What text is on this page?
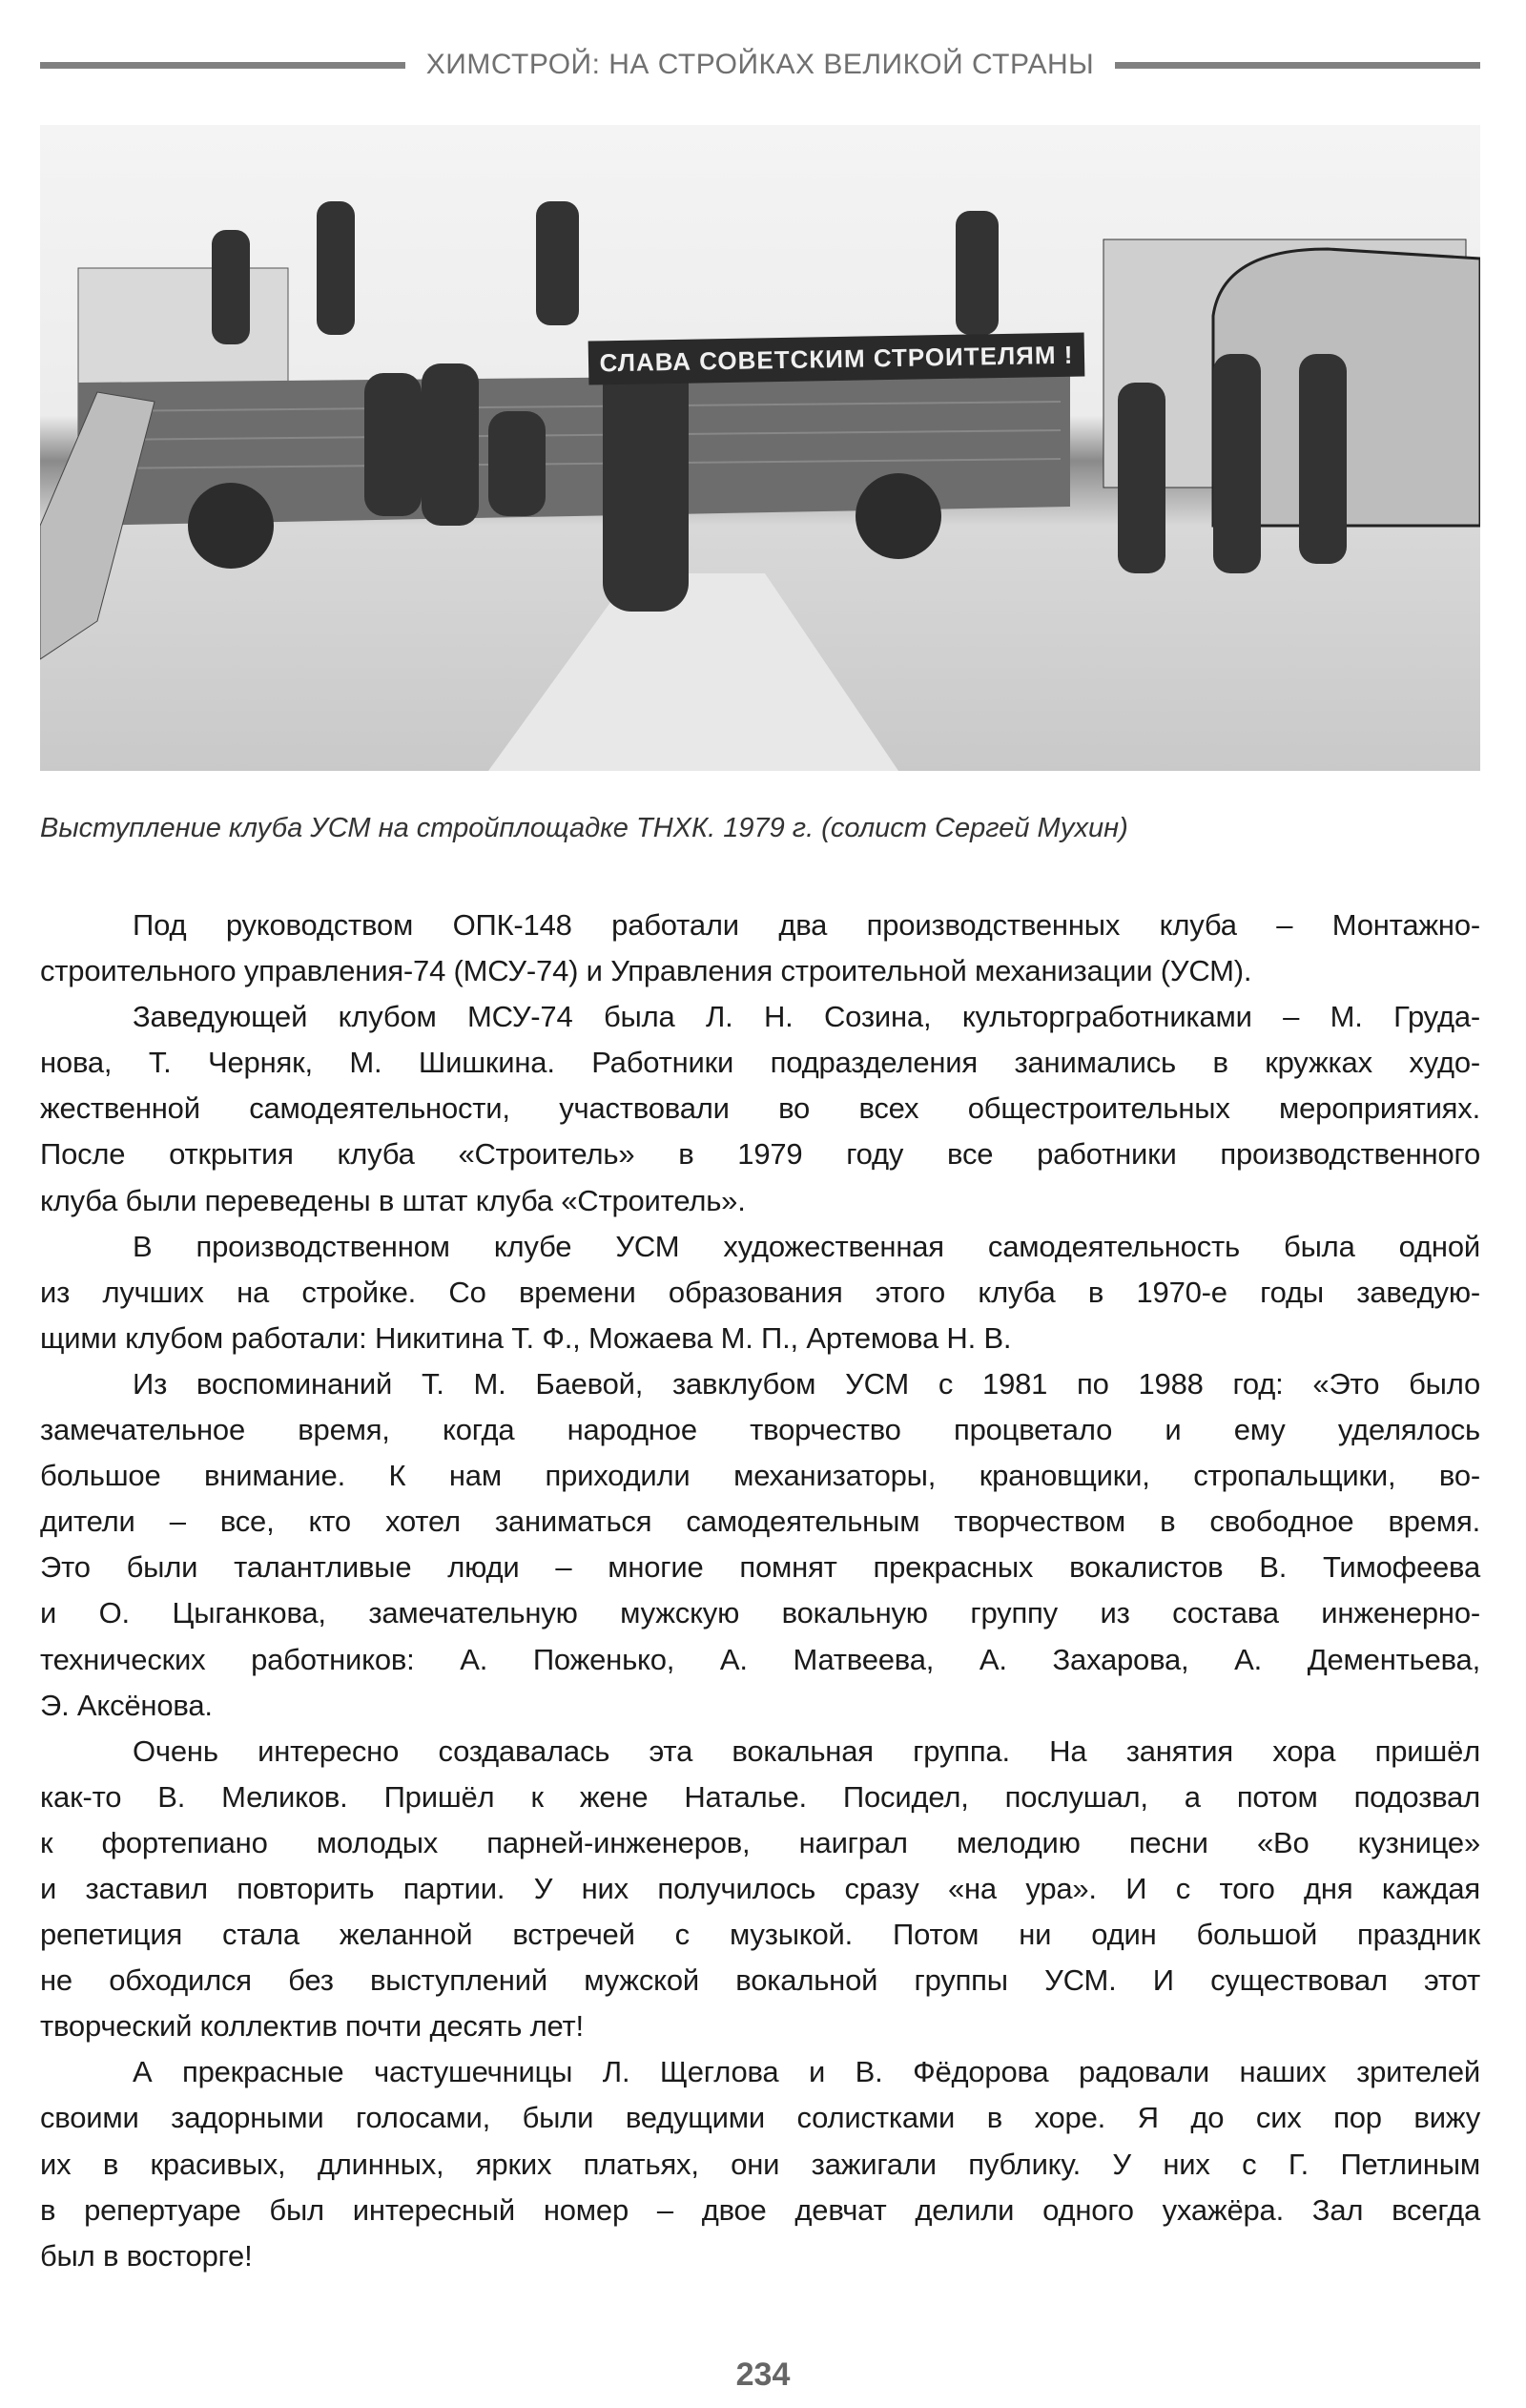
ХИМСТРОЙ: НА СТРОЙКАХ ВЕЛИКОЙ СТРАНЫ
СЛАВА СОВЕТСКИМ СТРОИТЕЛЯМ !
Выступление клуба УСМ на стройплощадке ТНХК. 1979 г. (солист Сергей Мухин)
Под руководством ОПК-148 работали два производственных клуба – Монтажно-
строительного управления-74 (МСУ-74) и Управления строительной механизации (УСМ).
Заведующей клубом МСУ-74 была Л. Н. Созина, культоргработниками – М. Груда-
нова, Т. Черняк, М. Шишкина. Работники подразделения занимались в кружках худо-
жественной самодеятельности, участвовали во всех общестроительных мероприятиях.
После открытия клуба «Строитель» в 1979 году все работники производственного
клуба были переведены в штат клуба «Строитель».
В производственном клубе УСМ художественная самодеятельность была одной
из лучших на стройке. Со времени образования этого клуба в 1970-е годы заведую-
щими клубом работали: Никитина Т. Ф., Можаева М. П., Артемова Н. В.
Из воспоминаний Т. М. Баевой, завклубом УСМ с 1981 по 1988 год: «Это было
замечательное время, когда народное творчество процветало и ему уделялось
большое внимание. К нам приходили механизаторы, крановщики, стропальщики, во-
дители – все, кто хотел заниматься самодеятельным творчеством в свободное время.
Это были талантливые люди – многие помнят прекрасных вокалистов В. Тимофеева
и О. Цыганкова, замечательную мужскую вокальную группу из состава инженерно-
технических работников: А. Поженько, А. Матвеева, А. Захарова, А. Дементьева,
Э. Аксёнова.
Очень интересно создавалась эта вокальная группа. На занятия хора пришёл
как-то В. Меликов. Пришёл к жене Наталье. Посидел, послушал, а потом подозвал
к фортепиано молодых парней-инженеров, наиграл мелодию песни «Во кузнице»
и заставил повторить партии. У них получилось сразу «на ура». И с того дня каждая
репетиция стала желанной встречей с музыкой. Потом ни один большой праздник
не обходился без выступлений мужской вокальной группы УСМ. И существовал этот
творческий коллектив почти десять лет!
А прекрасные частушечницы Л. Щеглова и В. Фёдорова радовали наших зрителей
своими задорными голосами, были ведущими солистками в хоре. Я до сих пор вижу
их в красивых, длинных, ярких платьях, они зажигали публику. У них с Г. Петлиным
в репертуаре был интересный номер – двое девчат делили одного ухажёра. Зал всегда
был в восторге!
234
